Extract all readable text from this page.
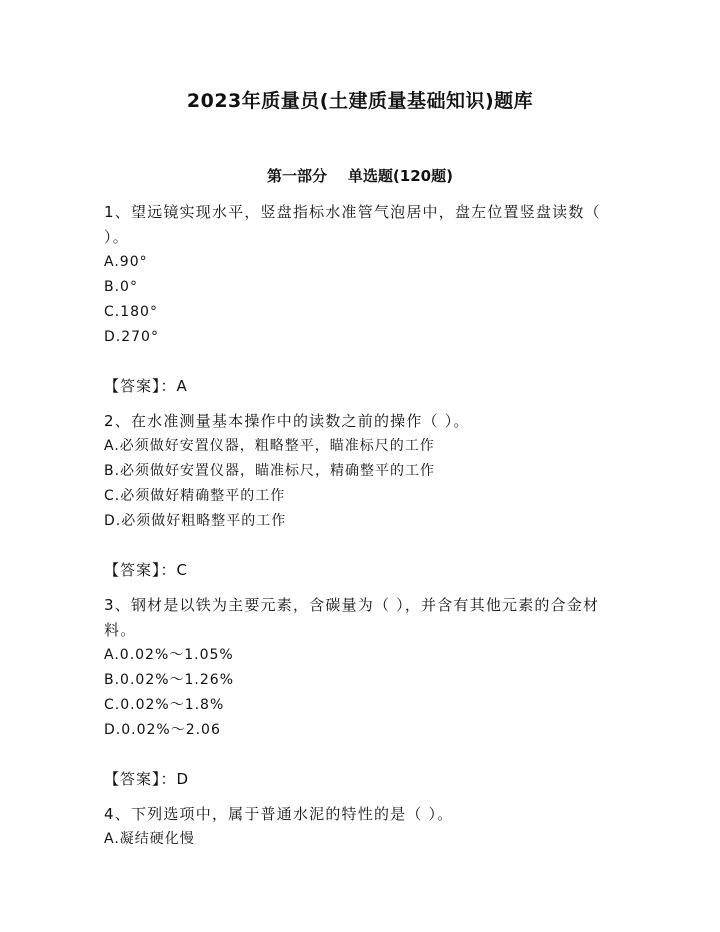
2023年质量员(土建质量基础知识)题库
第一部分    单选题(120题)
1、望远镜实现水平，竖盘指标水准管气泡居中，盘左位置竖盘读数（ ）。
A.90°
B.0°
C.180°
D.270°
【答案】：A
2、在水准测量基本操作中的读数之前的操作（ ）。
A.必须做好安置仪器，粗略整平，瞄准标尺的工作
B.必须做好安置仪器，瞄准标尺，精确整平的工作
C.必须做好精确整平的工作
D.必须做好粗略整平的工作
【答案】：C
3、钢材是以铁为主要元素，含碳量为（ ），并含有其他元素的合金材料。
A.0.02%～1.05%
B.0.02%～1.26%
C.0.02%～1.8%
D.0.02%～2.06
【答案】：D
4、下列选项中，属于普通水泥的特性的是（ ）。
A.凝结硬化慢
